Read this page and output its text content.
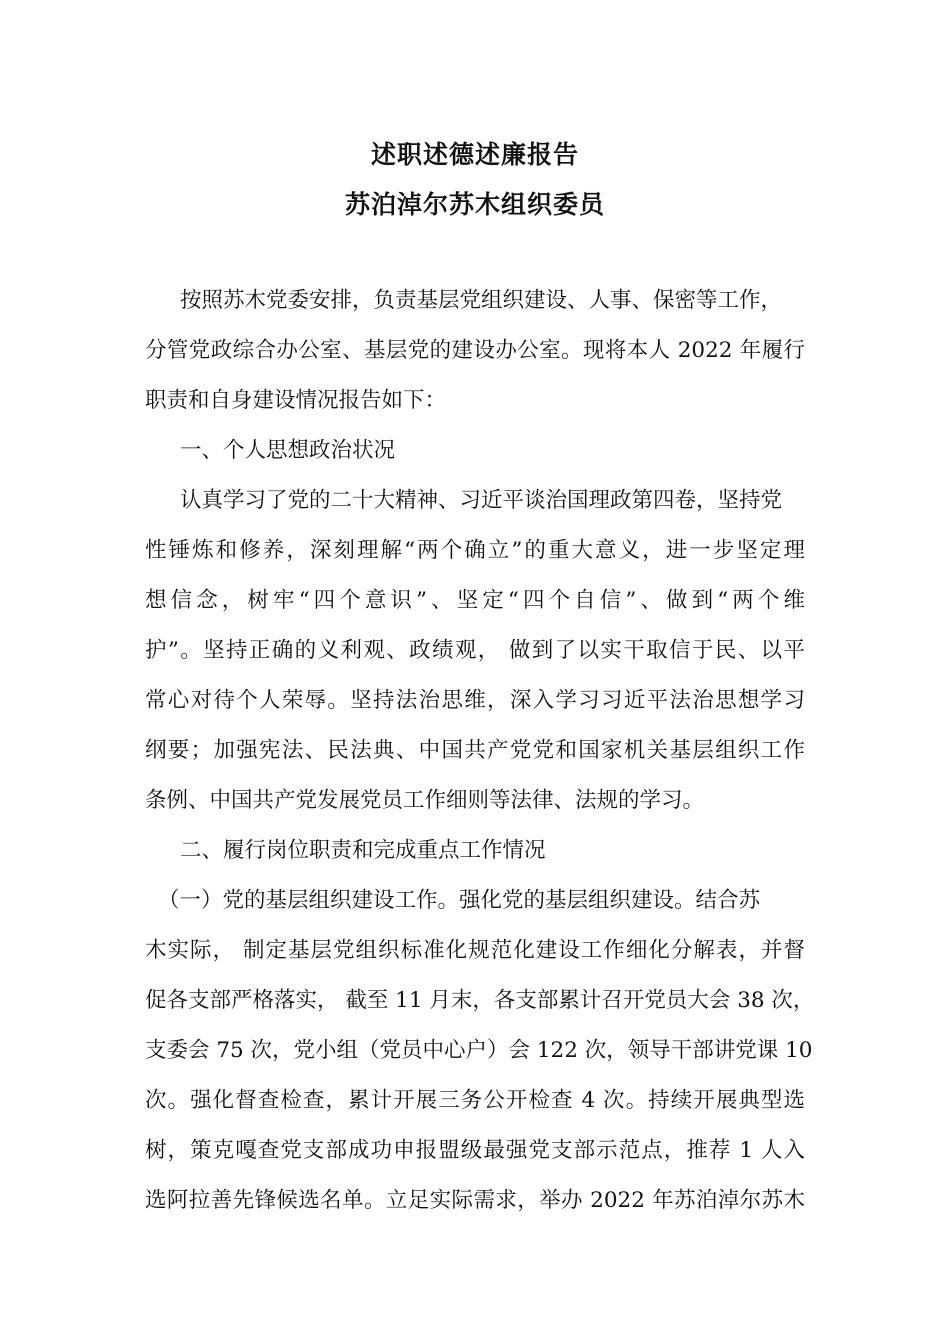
述职述德述廉报告
苏泊淖尔苏木组织委员
按照苏木党委安排，负责基层党组织建设、人事、保密等工作，
分管党政综合办公室、基层党的建设办公室。现将本人 2022 年履行
职责和自身建设情况报告如下：
一、个人思想政治状况
认真学习了党的二十大精神、习近平谈治国理政第四卷，坚持党
性锤炼和修养，深刻理解“两个确立”的重大意义，进一步坚定理
想信念，树牢“四个意识”、坚定“四个自信”、做到“两个维
护”。坚持正确的义利观、政绩观， 做到了以实干取信于民、以平
常心对待个人荣辱。坚持法治思维，深入学习习近平法治思想学习
纲要；加强宪法、民法典、中国共产党党和国家机关基层组织工作
条例、中国共产党发展党员工作细则等法律、法规的学习。
二、履行岗位职责和完成重点工作情况
（一）党的基层组织建设工作。强化党的基层组织建设。结合苏
木实际， 制定基层党组织标准化规范化建设工作细化分解表，并督
促各支部严格落实， 截至 11 月末，各支部累计召开党员大会 38 次，
支委会 75 次，党小组（党员中心户）会 122 次，领导干部讲党课 10
次。强化督查检查，累计开展三务公开检查 4 次。持续开展典型选
树，策克嘎查党支部成功申报盟级最强党支部示范点，推荐 1 人入
选阿拉善先锋候选名单。立足实际需求，举办 2022 年苏泊淖尔苏木
